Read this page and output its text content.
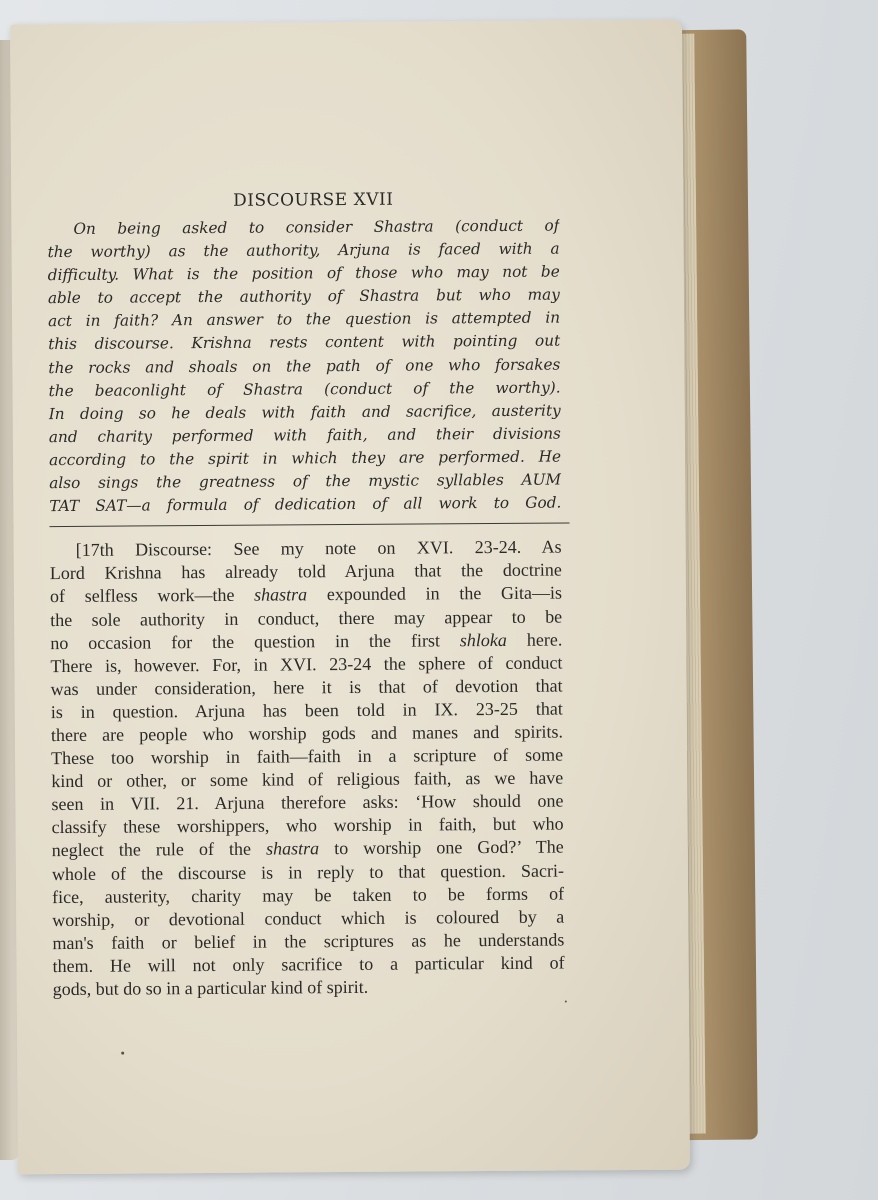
DISCOURSE XVII
On being asked to consider Shastra (conduct of
the worthy) as the authority, Arjuna is faced with a
difficulty. What is the position of those who may not be
able to accept the authority of Shastra but who may
act in faith? An answer to the question is attempted in
this discourse. Krishna rests content with pointing out
the rocks and shoals on the path of one who forsakes
the beaconlight of Shastra (conduct of the worthy).
In doing so he deals with faith and sacrifice, austerity
and charity performed with faith, and their divisions
according to the spirit in which they are performed. He
also sings the greatness of the mystic syllables AUM
TAT SAT—a formula of dedication of all work to God.
[17th Discourse: See my note on XVI. 23-24. As
Lord Krishna has already told Arjuna that the doctrine
of selfless work—the shastra expounded in the Gita—is
the sole authority in conduct, there may appear to be
no occasion for the question in the first shloka here.
There is, however. For, in XVI. 23-24 the sphere of conduct
was under consideration, here it is that of devotion that
is in question. Arjuna has been told in IX. 23-25 that
there are people who worship gods and manes and spirits.
These too worship in faith—faith in a scripture of some
kind or other, or some kind of religious faith, as we have
seen in VII. 21. Arjuna therefore asks: ‘How should one
classify these worshippers, who worship in faith, but who
neglect the rule of the shastra to worship one God?’ The
whole of the discourse is in reply to that question. Sacri-
fice, austerity, charity may be taken to be forms of
worship, or devotional conduct which is coloured by a
man's faith or belief in the scriptures as he understands
them. He will not only sacrifice to a particular kind of
gods, but do so in a particular kind of spirit.
